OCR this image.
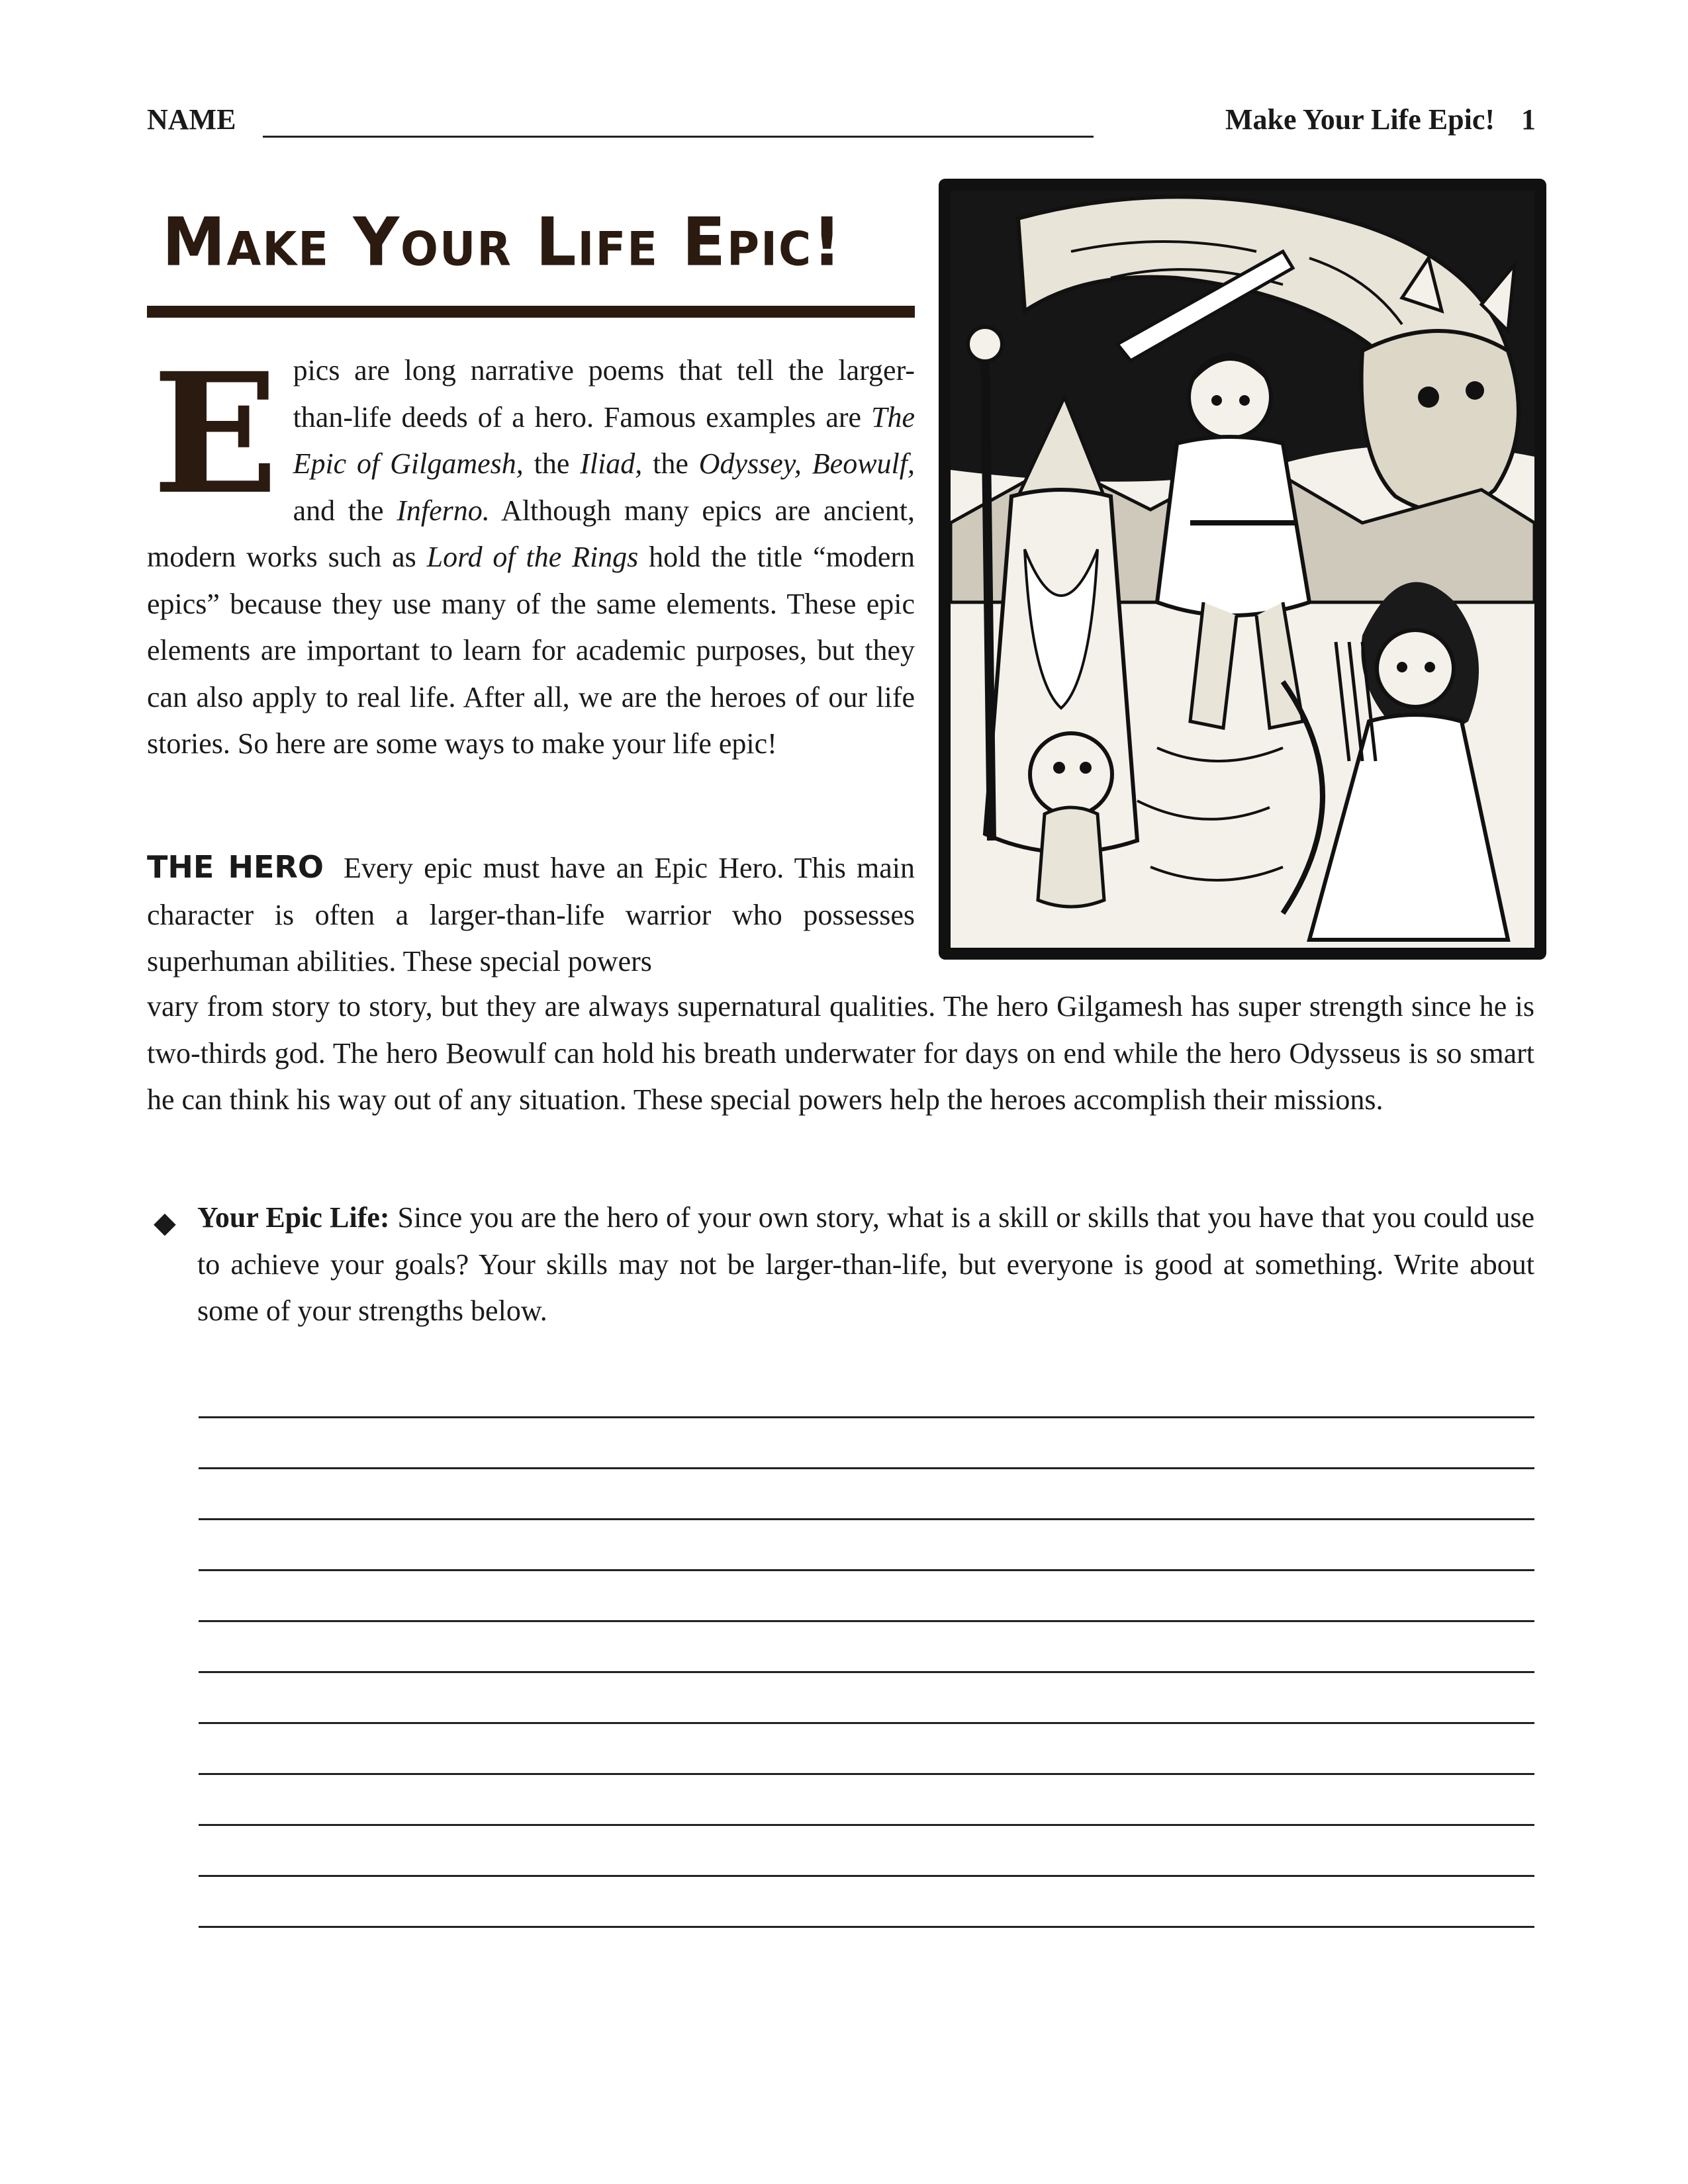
NAME	Make Your Life Epic! 1
Make Your Life Epic!
Epics are long narrative poems that tell the larger-than-life deeds of a hero. Famous examples are The Epic of Gilgamesh, the Iliad, the Odyssey, Beowulf, and the Inferno. Although many epics are ancient, modern works such as Lord of the Rings hold the title “modern epics” because they use many of the same elements. These epic elements are important to learn for academic purposes, but they can also apply to real life. After all, we are the heroes of our life stories. So here are some ways to make your life epic!
THE HERO Every epic must have an Epic Hero. This main character is often a larger-than-life warrior who possesses superhuman abilities. These special powers
vary from story to story, but they are always supernatural qualities. The hero Gilgamesh has super strength since he is two-thirds god. The hero Beowulf can hold his breath underwater for days on end while the hero Odysseus is so smart he can think his way out of any situation. These special powers help the heroes accomplish their missions.
◆ Your Epic Life: Since you are the hero of your own story, what is a skill or skills that you have that you could use to achieve your goals? Your skills may not be larger-than-life, but everyone is good at something. Write about some of your strengths below.
